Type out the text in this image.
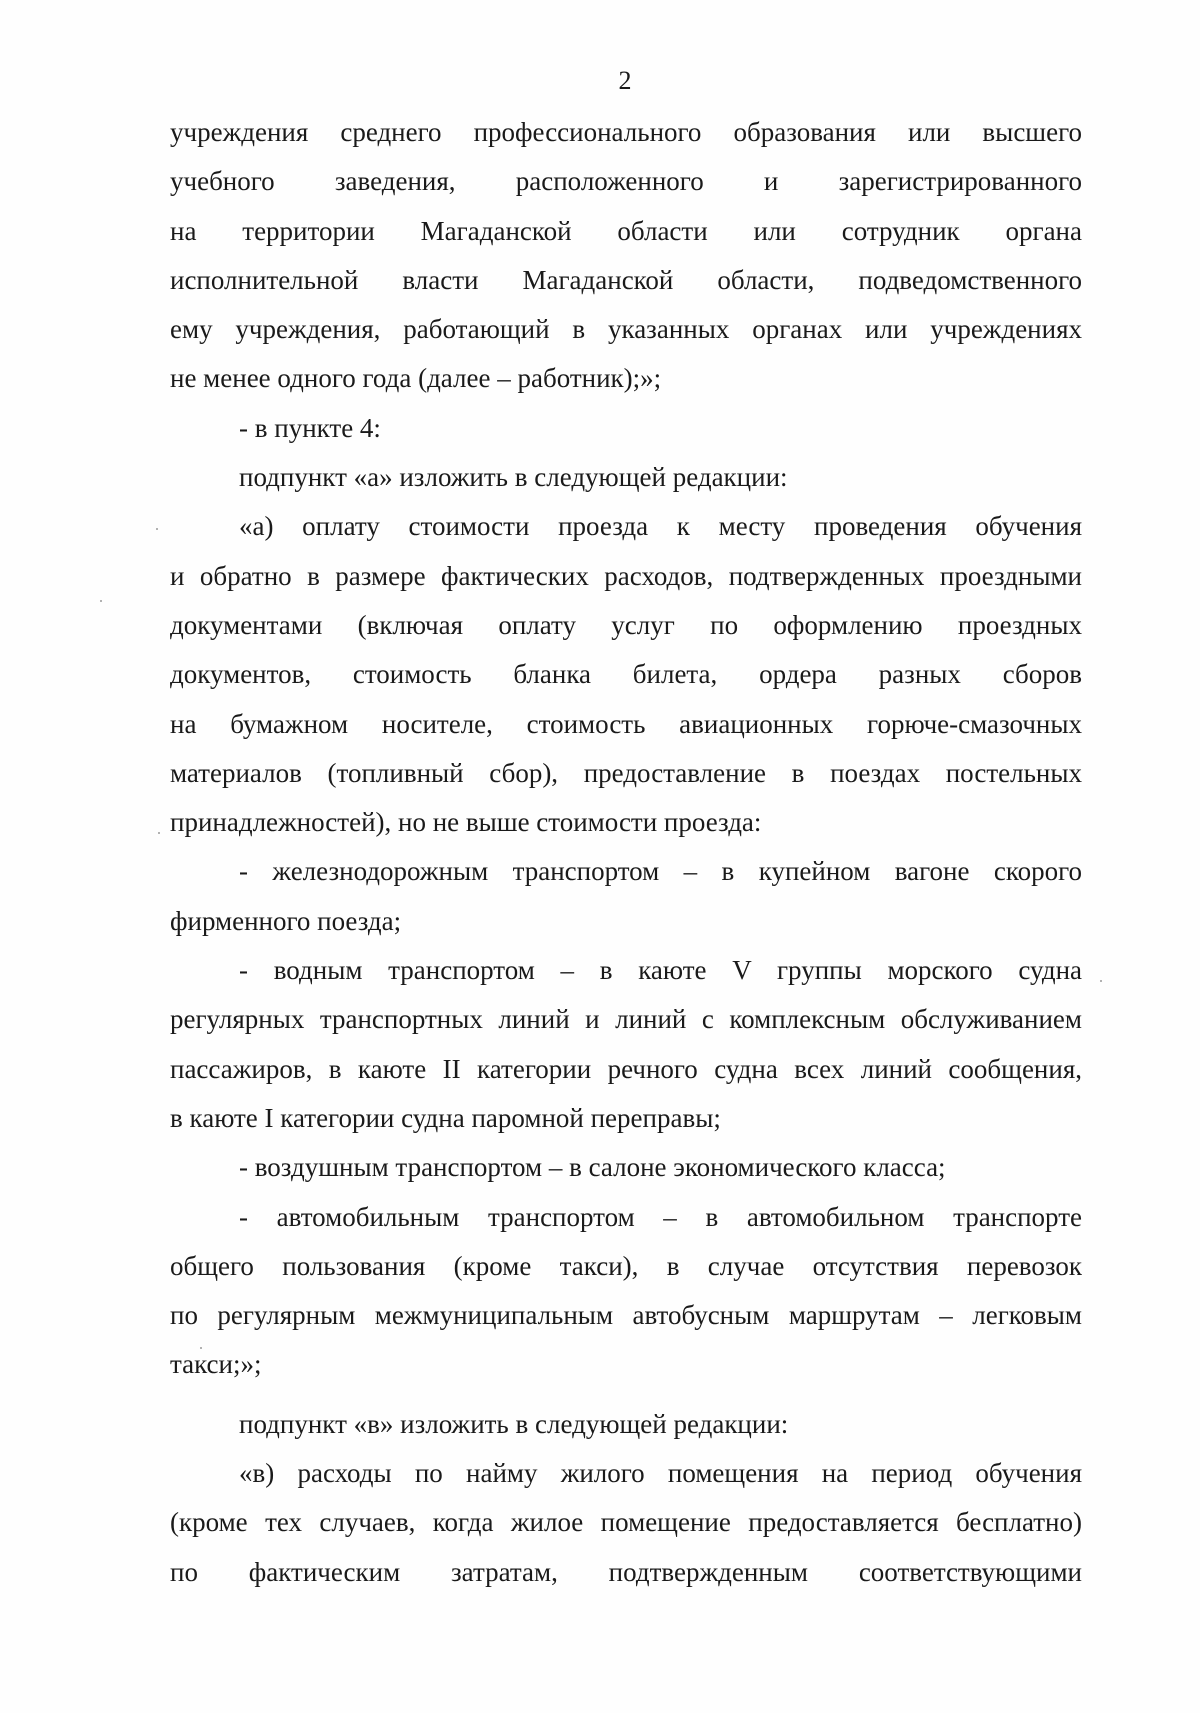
2
учреждения среднего профессионального образования или высшего
учебного заведения, расположенного и зарегистрированного
на территории Магаданской области или сотрудник органа
исполнительной власти Магаданской области, подведомственного
ему учреждения, работающий в указанных органах или учреждениях
не менее одного года (далее – работник);»;
- в пункте 4:
подпункт «а» изложить в следующей редакции:
«а) оплату стоимости проезда к месту проведения обучения
и обратно в размере фактических расходов, подтвержденных проездными
документами (включая оплату услуг по оформлению проездных
документов, стоимость бланка билета, ордера разных сборов
на бумажном носителе, стоимость авиационных горюче-смазочных
материалов (топливный сбор), предоставление в поездах постельных
принадлежностей), но не выше стоимости проезда:
- железнодорожным транспортом – в купейном вагоне скорого
фирменного поезда;
- водным транспортом – в каюте V группы морского судна
регулярных транспортных линий и линий с комплексным обслуживанием
пассажиров, в каюте II категории речного судна всех линий сообщения,
в каюте I категории судна паромной переправы;
- воздушным транспортом – в салоне экономического класса;
- автомобильным транспортом – в автомобильном транспорте
общего пользования (кроме такси), в случае отсутствия перевозок
по регулярным межмуниципальным автобусным маршрутам – легковым
такси;»;
подпункт «в» изложить в следующей редакции:
«в) расходы по найму жилого помещения на период обучения
(кроме тех случаев, когда жилое помещение предоставляется бесплатно)
по фактическим затратам, подтвержденным соответствующими
